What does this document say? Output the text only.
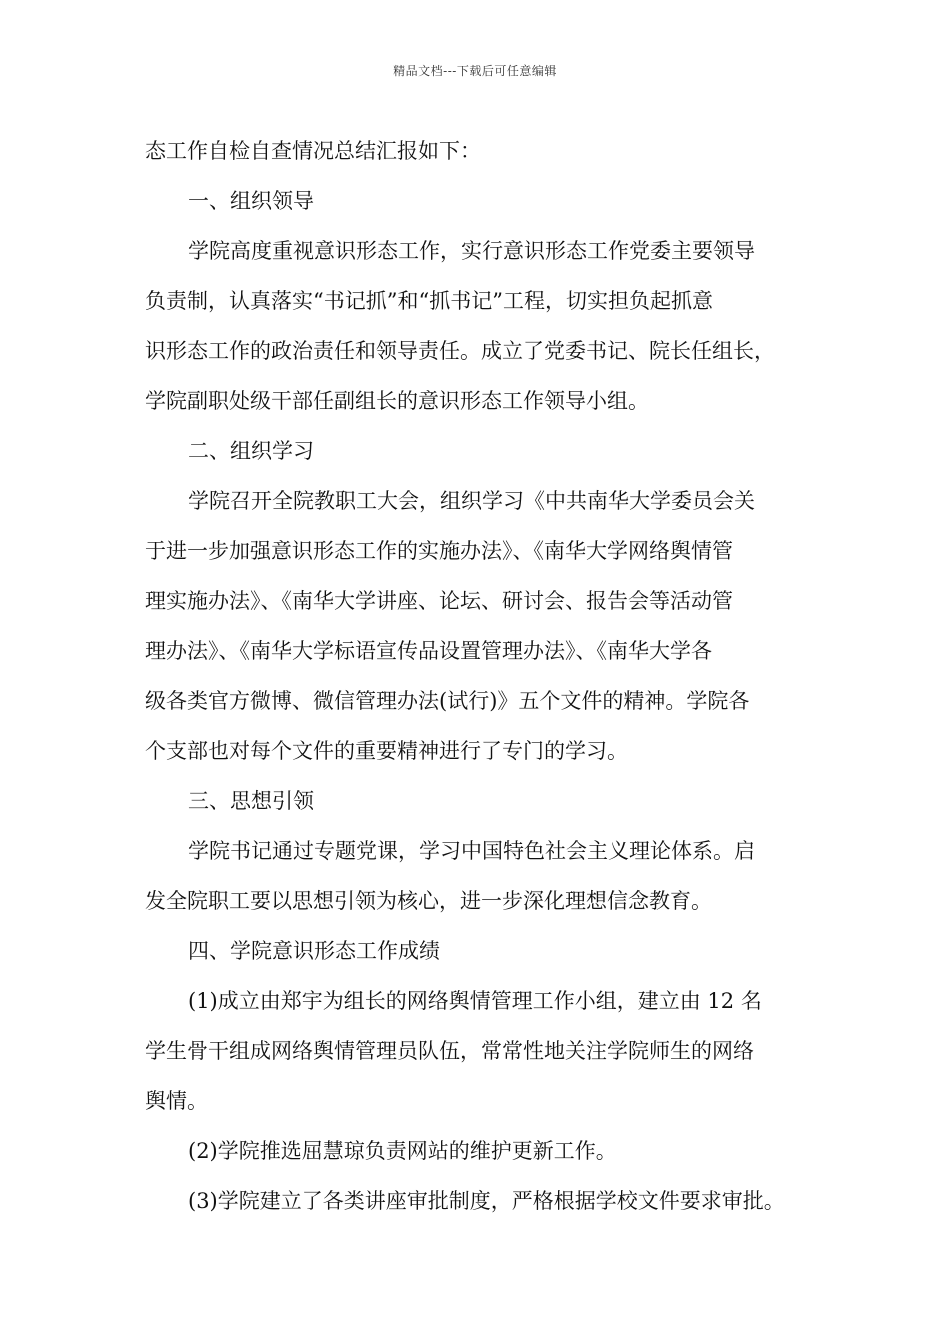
精品文档---下载后可任意编辑
态工作自检自查情况总结汇报如下：
一、组织领导
学院高度重视意识形态工作，实行意识形态工作党委主要领导
负责制，认真落实“书记抓”和“抓书记”工程，切实担负起抓意
识形态工作的政治责任和领导责任。成立了党委书记、院长任组长，
学院副职处级干部任副组长的意识形态工作领导小组。
二、组织学习
学院召开全院教职工大会，组织学习《中共南华大学委员会关
于进一步加强意识形态工作的实施办法》、《南华大学网络舆情管
理实施办法》、《南华大学讲座、论坛、研讨会、报告会等活动管
理办法》、《南华大学标语宣传品设置管理办法》、《南华大学各
级各类官方微博、微信管理办法(试行)》五个文件的精神。学院各
个支部也对每个文件的重要精神进行了专门的学习。
三、思想引领
学院书记通过专题党课，学习中国特色社会主义理论体系。启
发全院职工要以思想引领为核心，进一步深化理想信念教育。
四、学院意识形态工作成绩
(1)成立由郑宇为组长的网络舆情管理工作小组，建立由 12 名
学生骨干组成网络舆情管理员队伍，常常性地关注学院师生的网络
舆情。
(2)学院推选屈慧琼负责网站的维护更新工作。
(3)学院建立了各类讲座审批制度，严格根据学校文件要求审批。
